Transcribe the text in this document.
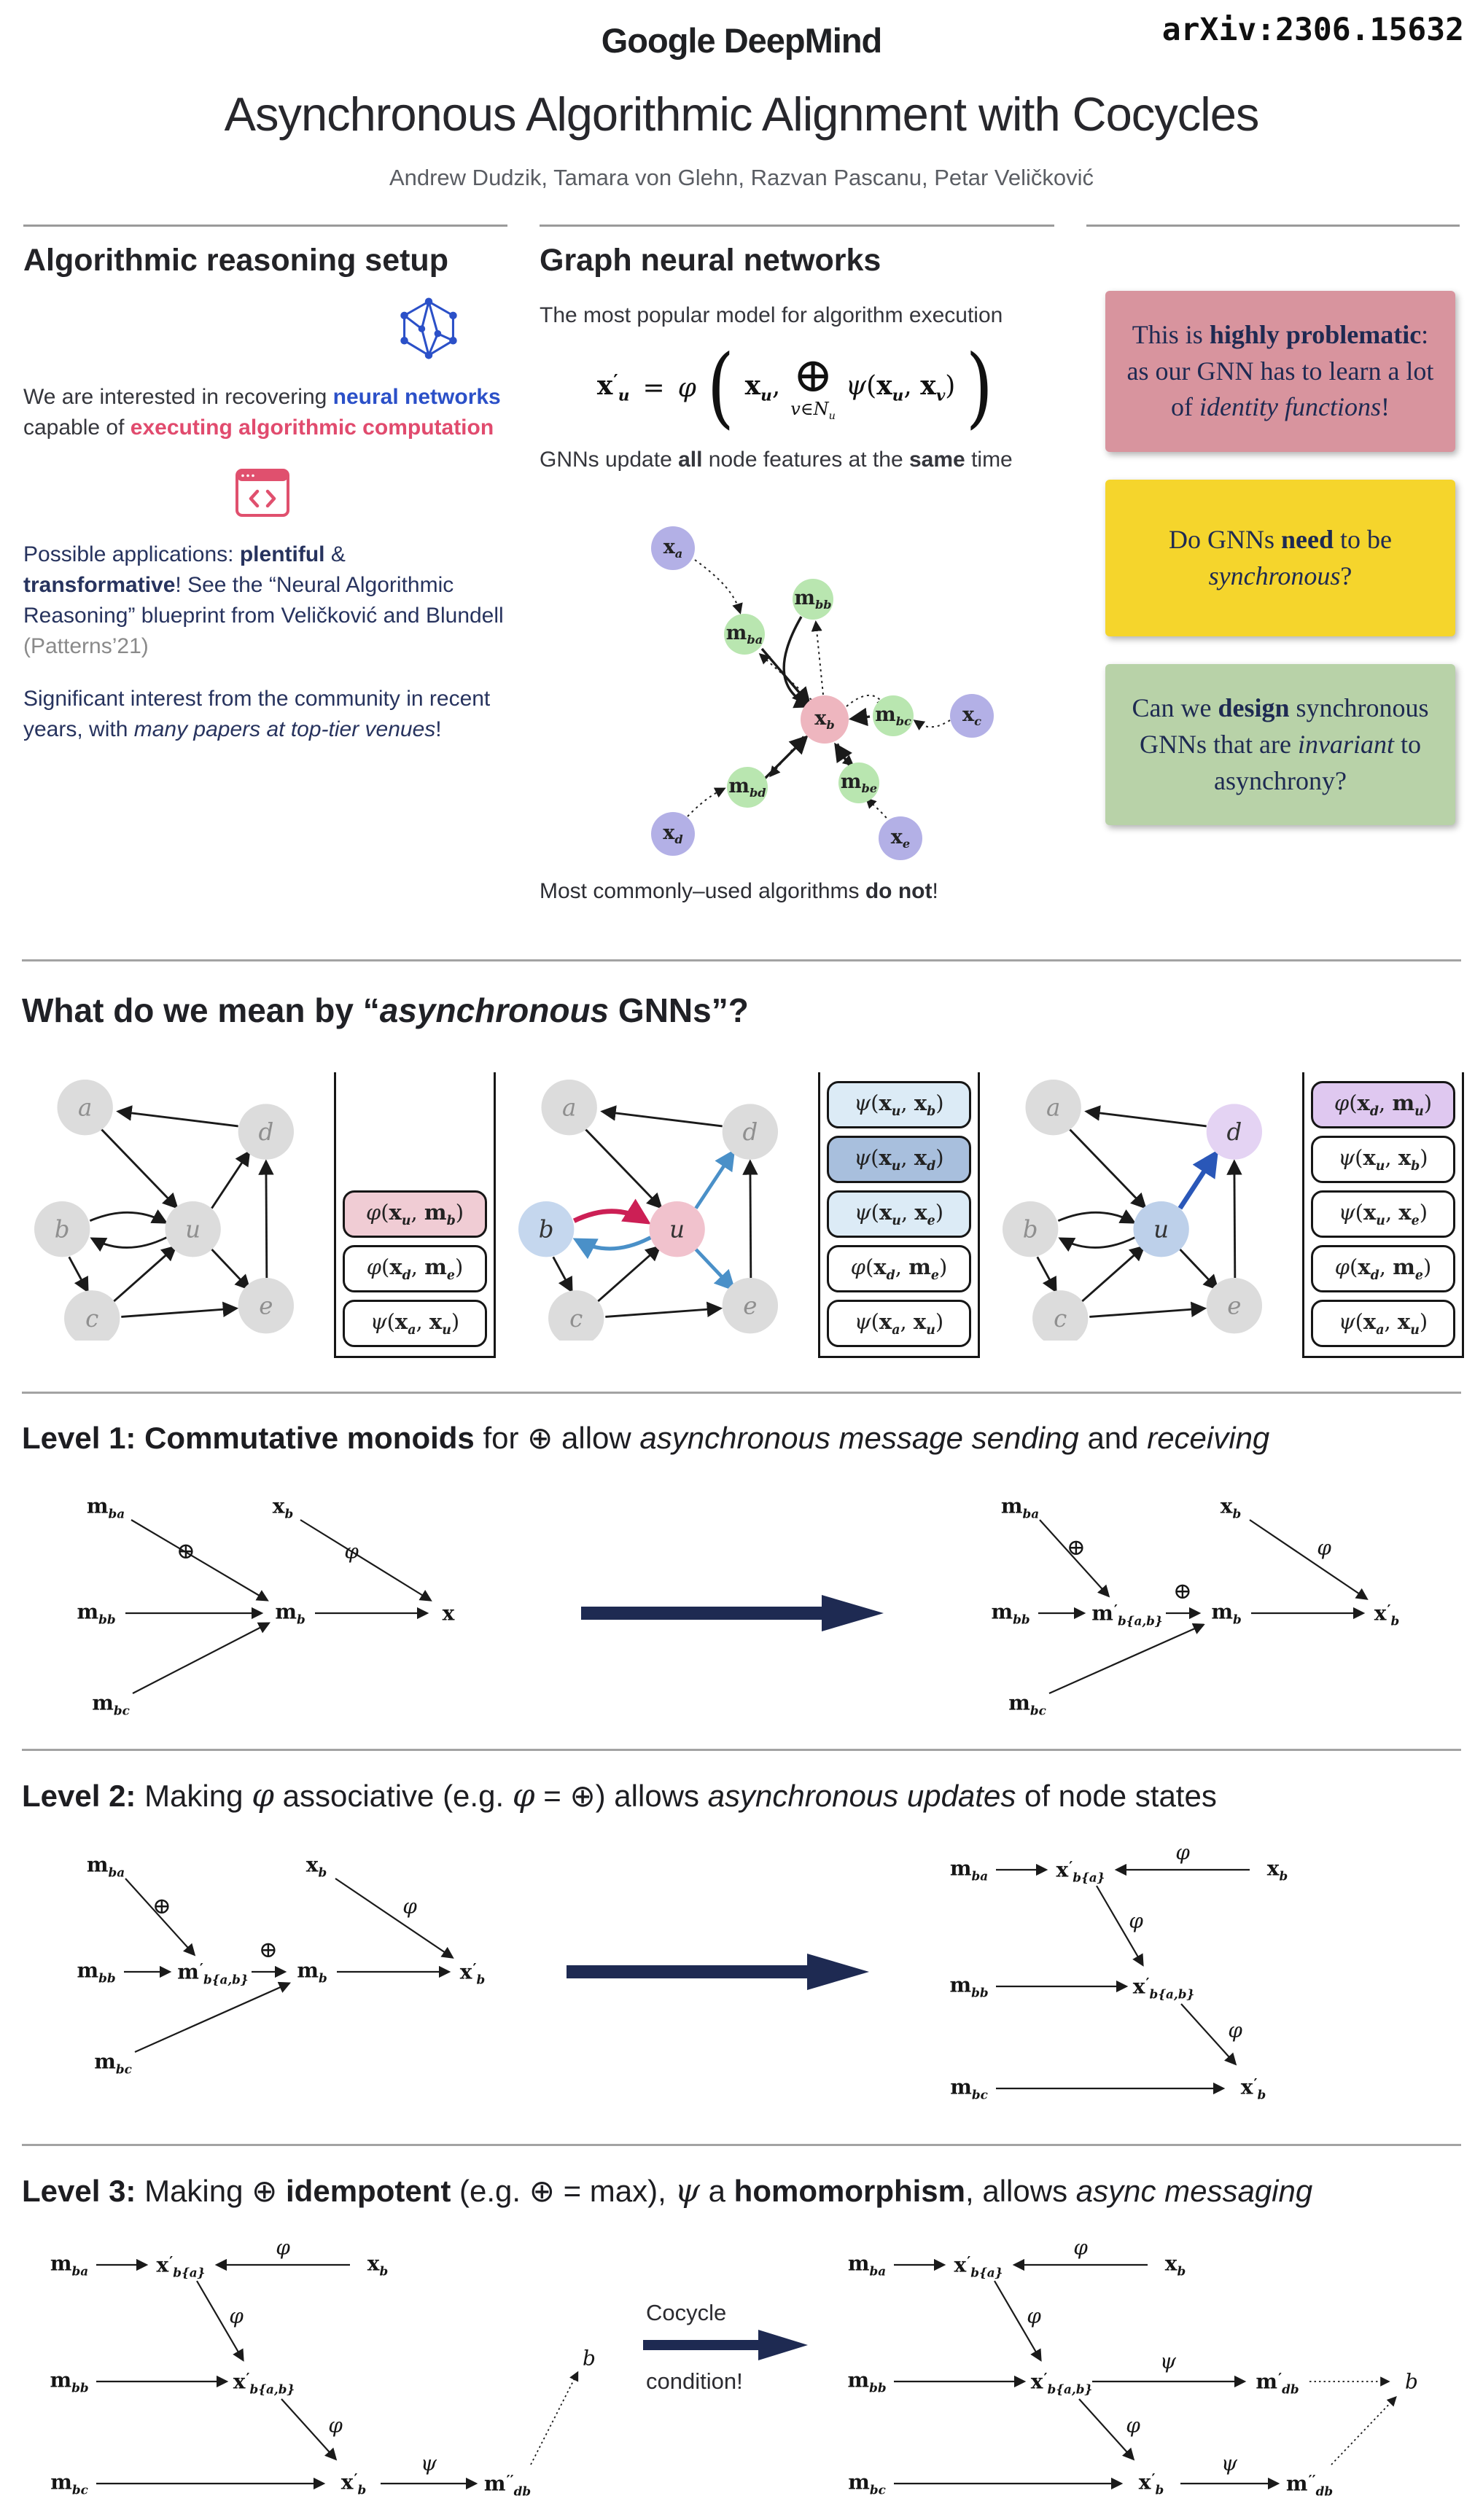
arXiv:2306.15632
Google DeepMind
Asynchronous Algorithmic Alignment with Cocycles
Andrew Dudzik, Tamara von Glehn, Razvan Pascanu, Petar Veličković
Algorithmic reasoning setup

We are interested in recovering neural networks capable of executing algorithmic computation

Possible applications: plentiful & transformative! See the “Neural Algorithmic Reasoning” blueprint from Veličković and Blundell (Patterns’21)

Significant interest from the community in recent years, with many papers at top-tier venues!

Graph neural networks

The most popular model for algorithm execution

$x'_u = \varphi$ ( $x_u$, ⊕
$v\in N_u$
$\psi(x_u$, $x_v$) )

GNNs update all node features at the same time

$x_a$
$x_c$
$x_d$	$x_e$
$m_{ba}$
$m_{bb}$
$m_{bc}$
$m_{bd}$	$m_{be}$
$x_b$

Most commonly–used algorithms do not!

This is highly problematic: as our GNN has to learn a lot of identity functions!
Do GNNs need to be synchronous?
Can we design synchronous GNNs that are invariant to asynchrony?
What do we mean by “asynchronous GNNs”?
a
d
b	u
c	e
$\varphi(x_u$, $m_b$)
$\varphi(x_d$, $m_e$)
$\psi(x_a$, $x_u$)
a
d
b	u
c	e
$\psi(x_u$, $x_b$)
$\psi(x_u$, $x_d$)
$\psi(x_u$, $x_e$)
$\varphi(x_d$, $m_e$)
$\psi(x_a$, $x_u$)
a
d
b	u
c	e
$\varphi(x_d$, $m_u$)
$\psi(x_u$, $x_b$)
$\psi(x_u$, $x_e$)
$\varphi(x_d$, $m_e$)
$\psi(x_a$, $x_u$)
Level 1: Commutative monoids for ⊕ allow asynchronous message sending and receiving
$m_{ba}$	$x_b$
⊕	φ
$m_{bb}$	$m_b$	x
$m_{bc}$
$m_{ba}$
⊕
$x_b$
φ
$m_{bb}$	$m'_{b\{a,b\}}$
⊕
$m_b$	$x'_b$
$m_{bc}$
Level 2: Making φ associative (e.g. φ = ⊕) allows asynchronous updates of node states
$m_{ba}$
⊕
$x_b$
φ
$m_{bb}$	$m'_{b\{a,b\}}$
⊕
$m_b$	$x'_b$
$m_{bc}$
$m_{ba}$	$x'_{b\{a\}}$
φ
$x_b$
φ
$m_{bb}$	$x'_{b\{a,b\}}$
φ
$m_{bc}$	$x'_b$
Level 3: Making ⊕ idempotent (e.g. ⊕ = max), ψ a homomorphism, allows async messaging
$m_{ba}$	$x'_{b\{a\}}$
φ
$x_b$
φ
$m_{bb}$	$x'_{b\{a,b\}}$
φ
$m_{bc}$	$x'_b$
ψ
$m''_{db}$
b
Cocycle
condition!
$m_{ba}$	$x'_{b\{a\}}$
φ
$x_b$
φ
$m_{bb}$	$x'_{b\{a,b\}}$
ψ
$m'_{db}$	b
φ
$m_{bc}$	$x'_b$
ψ
$m''_{db}$
